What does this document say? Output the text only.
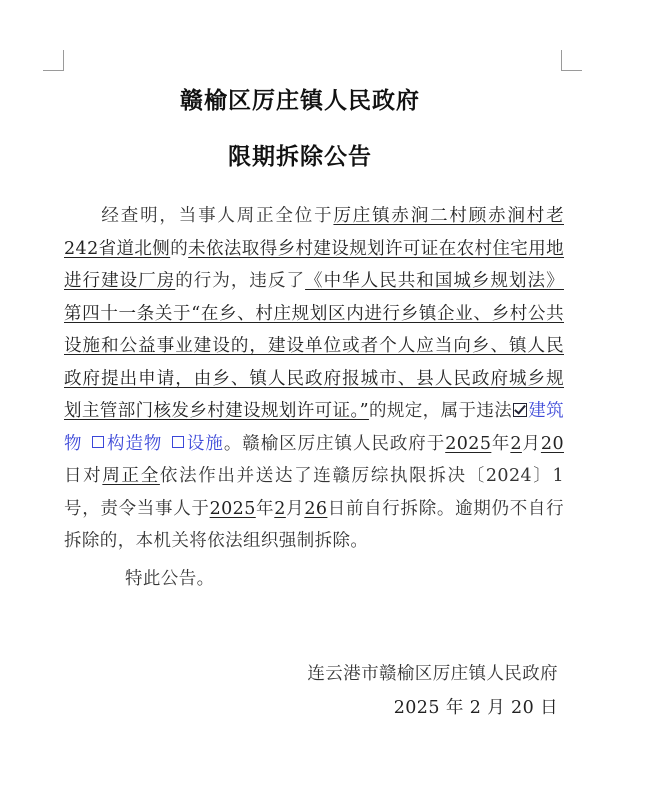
赣榆区厉庄镇人民政府
限期拆除公告

经查明，当事人周正全位于厉庄镇赤涧二村顾赤涧村老242省道北侧的未依法取得乡村建设规划许可证在农村住宅用地进行建设厂房的行为，违反了《中华人民共和国城乡规划法》第四十一条关于“在乡、村庄规划区内进行乡镇企业、乡村公共设施和公益事业建设的，建设单位或者个人应当向乡、镇人民政府提出申请，由乡、镇人民政府报城市、县人民政府城乡规划主管部门核发乡村建设规划许可证。”的规定，属于违法 建筑物 构造物 设施。赣榆区厉庄镇人民政府于2025年2月20日对周正全依法作出并送达了连赣厉综执限拆决〔2024〕1号，责令当事人于2025年2月26日前自行拆除。逾期仍不自行拆除的，本机关将依法组织强制拆除。

特此公告。
连云港市赣榆区厉庄镇人民政府
2025 年 2 月 20 日
